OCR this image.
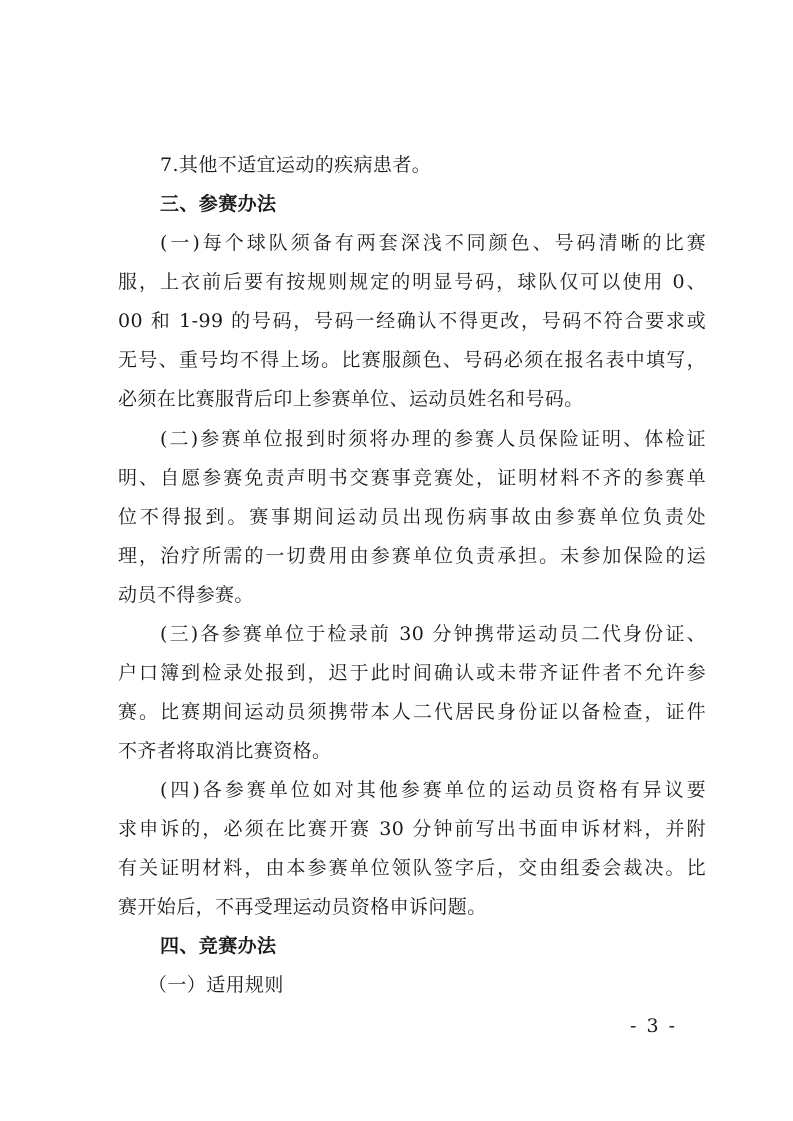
7.其他不适宜运动的疾病患者。
三、参赛办法
(一)每个球队须备有两套深浅不同颜色、号码清晰的比赛
服，上衣前后要有按规则规定的明显号码，球队仅可以使用 0、
00 和 1-99 的号码，号码一经确认不得更改，号码不符合要求或
无号、重号均不得上场。比赛服颜色、号码必须在报名表中填写，
必须在比赛服背后印上参赛单位、运动员姓名和号码。
(二)参赛单位报到时须将办理的参赛人员保险证明、体检证
明、自愿参赛免责声明书交赛事竞赛处，证明材料不齐的参赛单
位不得报到。赛事期间运动员出现伤病事故由参赛单位负责处
理，治疗所需的一切费用由参赛单位负责承担。未参加保险的运
动员不得参赛。
(三)各参赛单位于检录前 30 分钟携带运动员二代身份证、
户口簿到检录处报到，迟于此时间确认或未带齐证件者不允许参
赛。比赛期间运动员须携带本人二代居民身份证以备检查，证件
不齐者将取消比赛资格。
(四)各参赛单位如对其他参赛单位的运动员资格有异议要
求申诉的，必须在比赛开赛 30 分钟前写出书面申诉材料，并附
有关证明材料，由本参赛单位领队签字后，交由组委会裁决。比
赛开始后，不再受理运动员资格申诉问题。
四、竞赛办法
（一）适用规则
- 3 -
